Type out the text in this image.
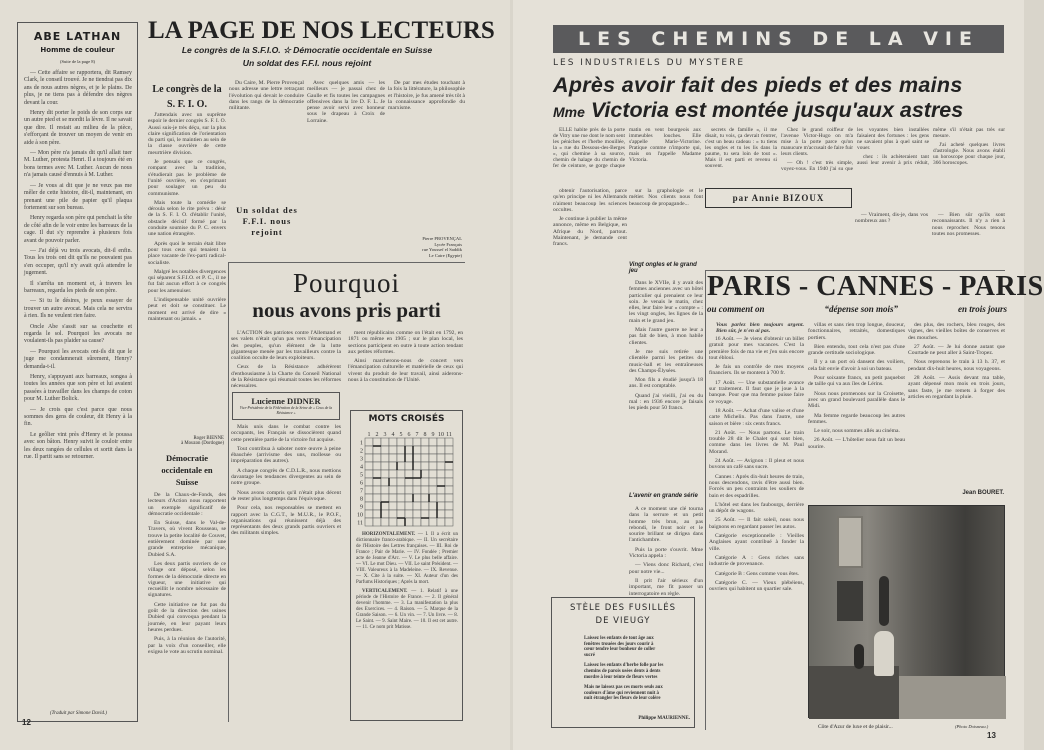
ABE LATHAN
Homme de couleur
(Suite de la page 8)

— Cette affaire se rapportera, dit Ramsey Clark, le conseil trouvé. Je ne tiendrai pas dix ans de nous autres nègres, et je le plains. De plus, je ne tiens pas à défendre des nègres devant la cour.

Henry dit porter le poids de son corps sur un autre pied et se mordit la lèvre. Il ne savait que dire. Il restait au milieu de la pièce, s'efforçant de trouver un moyen de venir en aide à son père.

— Mon père n'a jamais dit qu'il allait tuer M. Luther, protesta Henri. Il a toujours été en bons termes avec M. Luther. Aucun de nous n'a jamais causé d'ennuis à M. Luther.

— Je vous ai dit que je ne veux pas me mêler de cette histoire, dit-il, maintenant, en prenant une pile de papier qu'il plaqua fortement sur son bureau.

Henry regarda son père qui penchait la tête de côté afin de le voir entre les barreaux de la cage. Il dut s'y reprendre à plusieurs fois avant de pouvoir parler.

— J'ai déjà vu trois avocats, dit-il enfin. Tous les trois ont dit qu'ils ne pouvaient pas s'en occuper, qu'il n'y avait qu'à attendre le jugement.

Il s'arrêta un moment et, à travers les barreaux, regarda les pieds de son père.

— Si tu le désires, je peux essayer de trouver un autre avocat. Mais cela ne servira à rien. Ils ne veulent rien faire.

Oncle Abe s'assit sur sa couchette et regarda le sol. Pourquoi les avocats ne voulaient-ils pas plaider sa cause?

— Pourquoi les avocats ont-ils dit que le juge me condamnerait sûrement, Henry? demanda-t-il.

Henry, s'appuyant aux barreaux, songea à toutes les années que son père et lui avaient passées à travailler dans les champs de coton pour M. Luther Bolick.

— Je crois que c'est parce que nous sommes des gens de couleur, dit Henry à la fin.

Le geôlier vint près d'Henry et le poussa avec son bâton. Henry suivit le couloir entre les deux rangées de cellules et sortit dans la rue. Il partit sans se retourner.

(Traduit par Simone David.)
12
LA PAGE DE NOS LECTEURS
Le congrès de la S.F.I.O. ☆ Démocratie occidentale en Suisse
Un soldat des F.F.I. nous rejoint
Le congrès de la S. F. I. O.

J'attendais avec un suprême espoir le dernier congrès S. F. I. O. Aussi suis-je très déçu, sur la plus claire signification de l'orientation du parti qui, le maintien au sein de la classe ouvrière de cette meurtrière division.

Je pensais que ce congrès, rompant avec la tradition, s'étudierait pas le problème de l'unité ouvrière, en s'exprimant pour soulager un peu du communisme.

Mais toute la comédie se déroula selon le rite prévu : désir de la S. F. I. O. d'établir l'unité, obstacle décisif formé par la conduite soumise du P. C. envers une nation étrangère.

Après quoi le terrain était libre pour tous ceux qui tenaient la place vacante de l'ex-parti radical-socialiste.

Malgré les notables divergences qui séparent S.F.I.O. et P. C., il ne fut fait aucun effort à ce congrès pour les amenuiser.

L'indispensable unité ouvrière peut et doit se constituer. Le moment est arrivé de dire « maintenant ou jamais. »

Roger BIENNE
à Mouzon (Dordogne)
Démocratie occidentale en Suisse

De la Chaux-de-Fonds, des lecteurs d'Action nous rapportent un exemple significatif de démocratie occidentale :

En Suisse, dans le Val-de-Travers, où vivent Rousseau, se trouve la petite localité de Couvet, entièrement dominée par une grande entreprise mécanique, Dubied S.A.

Les deux partis ouvriers de ce village ont déposé, selon les formes de la démocratie directe en vigueur, une initiative qui recueillit le nombre nécessaire de signatures.

Cette initiative ne fut pas du goût de la direction des usines Dubied qui convoqua pendant la journée, en leur payant leurs heures perdues.

Puis, à la réunion de l'autorité, par la voix d'un conseiller, elle exigea le vote au scrutin nominal.

Du Caire, M. Pierre Provençal nous adresse une lettre retraçant l'évolution qui devait le conduire dans les rangs de la démocratie militante.

Un soldat des F.F.I. nous rejoint

Avec quelques amis — les meilleurs — je passai chez de Gaulle et fis toutes les campagnes offensives dans la 1re D. F. L. Je pense avoir servi avec honneur sous le drapeau à Croix de Lorraine.

De par mes études touchant à la fois la littérature, la philosophie et l'histoire, je fus amené très tôt à la connaissance approfondie du marxisme.

Pierre PROVENÇAL
Lycée Français
rue Youssef el Saddik
Le Caire (Egypte)
Pourquoi
nous avons pris parti

L'ACTION des patriotes contre l'Allemand et ses valets n'était qu'un pas vers l'émancipation des peuples, qu'un élément de la lutte gigantesque menée par les travailleurs contre la coalition occulte de leurs exploiteurs.

Ceux de la Résistance adhérèrent d'enthousiasme à la Charte du Conseil National de la Résistance qui résumait toutes les réformes nécessaires.

ment républicains comme on l'était en 1792, en 1871 ou même en 1905 ; sur le plan local, les sections participent en outre à toute action tendant aux petites réformes.

Ainsi marcherons-nous de concert vers l'émancipation culturelle et matérielle de ceux qui vivent du produit de leur travail, ainsi aiderons-nous à la constitution de l'Unité.

Lucienne DIDNER
Vice-Présidente de la Fédération de la Seine de « Ceux de la Résistance »

Mais unis dans le combat contre les occupants, les Français se dissocièrent quand cette première partie de la victoire fut acquise.

Tout contribua à saboter notre œuvre à peine ébauchée (arrivisme des uns, mollesse ou impréparation des autres).

A chaque congrès de C.D.L.R., nous mettions davantage les tendances divergentes au sein de notre groupe.

Nous avons compris qu'il n'était plus décent de rester plus longtemps dans l'équivoque.

Pour cela, nos responsables se mettent en rapport avec la C.G.T., le M.U.R., le P.O.F., organisations qui réunissent déjà des représentants des deux grands partis ouvriers et des militants simples.

MOTS CROISÉS
1
1
2
2
3
3
4
4
5
5
6
6
7
7
8
8
9
9
10
10
11
11

HORIZONTALEMENT. — I. Il a écrit un dictionnaire franco-arabique. — II. Un secrétaire de l'Histoire des Lettres françaises. — III. Roi de France ; Pair de Marie. — IV. Fondée ; Premier acte de Jeanne d'Arc. — V. Le plus belle affaire. — VI. Le mot Dieu. — VII. Le saint Président. — VIII. Valeureux à la Madeleine. — IX. Revenue. — X. Cite à la suite. — XI. Auteur d'un des Parfums Historiques ; Après la mort.

VERTICALEMENT. — 1. Relatif à une période de l'Histoire de France. — 2. Il général devenir l'homme. — 3. La manifestation la plus des Exercices. — 4. Raison. — 5. Marque de la Grande Saison. — 6. Un vin. — 7. Un livre. — 8. Le Saint. — 9. Saint Maire. — 10. Il est cet autre. — 11. Ce nom prit Matisse.

LES CHEMINS DE LA VIE
LES INDUSTRIELS DU MYSTERE
Après avoir fait des pieds et des mains
Mme Victoria est montée jusqu'aux astres

ELLE habite près de la porte de Vitry une rue dont le nom sent les péniches et l'herbe mouillée, la « rue du Dessous-des-Berges », qui chemine à sa source, chemin de halage du chemin de fer de ceinture, se gorge chaque matin en vent bourgeois aux immeubles louches. Elle s'appelle Marie-Victorine. Pratique comme n'importe qui, mais on l'appelle Madame Victoria.

secrets de famille », il me disait, tu vois, ça devrait t'entrer, c'est un beau cadeau : « tu tiens les ongles et tu les lis dans la paume, tu sera loin de tout ». Mais il est parti et revenu si souvent.

Chez le grand coiffeur de l'avenue Victor-Hugo on m'a mise à la porte parce qu'on manucure m'accusait de faire fuir leurs clients.

— Oh ! c'est très simple, voyez-vous. En 1940 j'ai su que les voyantes bien installées faisaient des fortunes : les gens ne savaient plus à quel saint se vouer.

chez : ils achèteraient tant aussi leur avenir à prix réduit, même s'il n'était pas très sur mesure.

J'ai acheté quelques livres d'astrologie. Nous avons établi un horoscope pour chaque jour, 366 horoscopes.

par Annie BIZOUX

obtenir l'autorisation, parce qu'en principe ni les Allemands n'aiment beaucoup les sciences occultes.

Je continue à publier la même annonce, même en Belgique, en Afrique du Nord, partout. Maintenant, je demande cent francs.

sur la graphologie et le métier. Nos clients nous font beaucoup de propagande...

Vingt ongles et le grand jeu

Dans le XVIIe, il y avait des femmes anciennes avec un hôtel particulier qui prenaient ce leur soin. Je venais le matin, chez elles, leur faire leur « compte » : les vingt ongles, les lignes de la main et le grand jeu.

Mais l'autre guerre ne leur a pas fait de bien, à mon habile clientes.

Je me suis retirée une clientèle parmi les petites du music-hall et les entraîneuses des Champs-Élysées.

Mon fils a étudié jusqu'à 18 ans. Il est comptable.

Quand j'ai vieilli, j'ai eu du mal : en 1936 encore je faisais les pieds pour 50 francs.

L'avenir en grande série

A ce moment une clé tourna dans la serrure et un petit homme très brun, au pas rebondi, le front noir et le sourire brillant se dirigea dans l'antichambre.

Puis la porte s'ouvrit. Mme Victoria appela :

— Viens donc Richard, c'est pour notre vie...

Il prit l'air sérieux d'un important, me fit passer un interrogatoire en règle.

— Vraiment, dis-je, dans vos nombreux ans ?

— Bien sûr qu'ils sont reconnaissants. Il n'y a rien à nous reprocher. Nous tenons toutes nos promesses.

PARIS - CANNES - PARIS
ou comment on	“dépense son mois”	en trois jours
Vous parlez bien toujours argent. Bien sûr, je n'en ai pas.

16 Août. — Je viens d'obtenir un billet gratuit pour mes vacances. C'est la première fois de ma vie et j'en suis encore tout ébloui.

Je fais un contrôle de mes moyens financiers. Ils se montent à 700 fr.

17 Août. — Une substantielle avance sur traitement. Il faut que je joue à la banque. Pour que ma femme puisse faire ce voyage.

18 Août. — Achat d'une valise et d'une carte Michelin. Pas dans l'autre, une saison et bière : six cents francs.

21 Août. — Nous partons. Le train trouble 28 dit le Chalet qui sont bien, comme dans les livres de M. Paul Morand.

24 Août. — Avignon : Il pleut et nous buvons un café sans sucre.

Cannes : Après dix-huit heures de train, nous descendons, ravis d'être aussi bien. Forcés un peu contraints les souliers de bain et des espadrilles.

L'hôtel est dans les faubourgs, derrière un dépôt de wagons.

25 Août. — Il fait soleil, nous nous baignons en regardant passer les autos.

Catégorie exceptionnelle : Vieilles Anglaises ayant contribué à fonder la ville.

Catégorie A : Gens riches sans industrie de provenance.

Catégorie B : Gens comme vous êtes.

Catégorie C. — Vieux plébéiens, ouvriers qui habitent un quartier sale.

villas et sans rien trop longue, douceur, fonctionnaires, retraités, domestiques portiers.

Bien entendu, tout cela n'est pas d'une grande certitude sociologique.

Il y a un port où dansent des voiliers, cela fait envie d'avoir à soi un bateau.

Pour soixante francs, un petit paquebot de taille qui va aux îles de Lérins.

Nous nous promenons sur la Croisette, avec un grand boulevard parallèle dans le Midi.

Ma femme regarde beaucoup les autres femmes.

Le soir, nous sommes allés au cinéma.

26 Août. — L'hôtelier nous fait un beau sourire.

des plus, des rochers, bleu rouges, des vignes, des vieilles boîtes de conserves et des mouches.

27 Août. — Je lui donne autant que Courtade ne peut aller à Saint-Tropez.

Nous reprenons le train à 13 h. 37, et pendant dix-huit heures, nous voyageons.

28 Août. — Assis devant ma table, ayant dépensé mon mois en trois jours, sans faste, je me remets à forger des articles en regardant la pluie.

Jean BOURET.
STÈLE DES FUSILLÉS
DE VIEUGY
Laissez les enfants de tout âge aux fenêtres trouées des jours courir à cœur tendre leur bonheur de coller sucré
Laissez les enfants d'herbe folle par les chemins de parois usées dents à dents mordre à leur teinte de fleurs vertes
Mais ne laissez pas ces morts seuls aux couleurs d'âme qui reviennent nuit à nuit étrangler les fleurs de leur colère
Philippe MAURIENNE.
Côte d'Azur de luxe et de plaisir...	(Photo Doisneau.)
13
